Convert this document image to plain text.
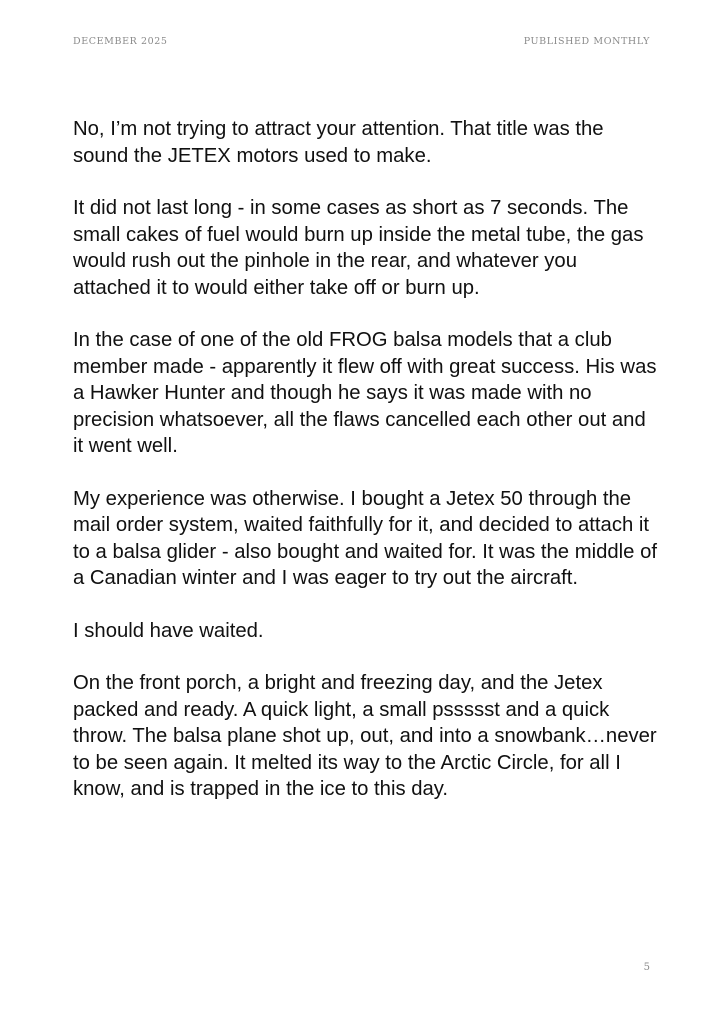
DECEMBER 2025	PUBLISHED MONTHLY

No, I’m not trying to attract your attention. That title was the sound the JETEX motors used to make.

It did not last long - in some cases as short as 7 seconds. The small cakes of fuel would burn up inside the metal tube, the gas would rush out the pinhole in the rear, and whatever you attached it to would either take off or burn up.

In the case of one of the old FROG balsa models that a club member made - apparently it flew off with great success. His was a Hawker Hunter and though he says it was made with no precision whatsoever, all the flaws cancelled each other out and it went well.

My experience was otherwise. I bought a Jetex 50 through the mail order system, waited faithfully for it, and decided to attach it to a balsa glider - also bought and waited for. It was the middle of a Canadian winter and I was eager to try out the aircraft.

I should have waited.

On the front porch, a bright and freezing day, and the Jetex packed and ready. A quick light, a small pssssst and a quick throw. The balsa plane shot up, out, and into a snowbank…never to be seen again. It melted its way to the Arctic Circle, for all I know, and is trapped in the ice to this day.

5
